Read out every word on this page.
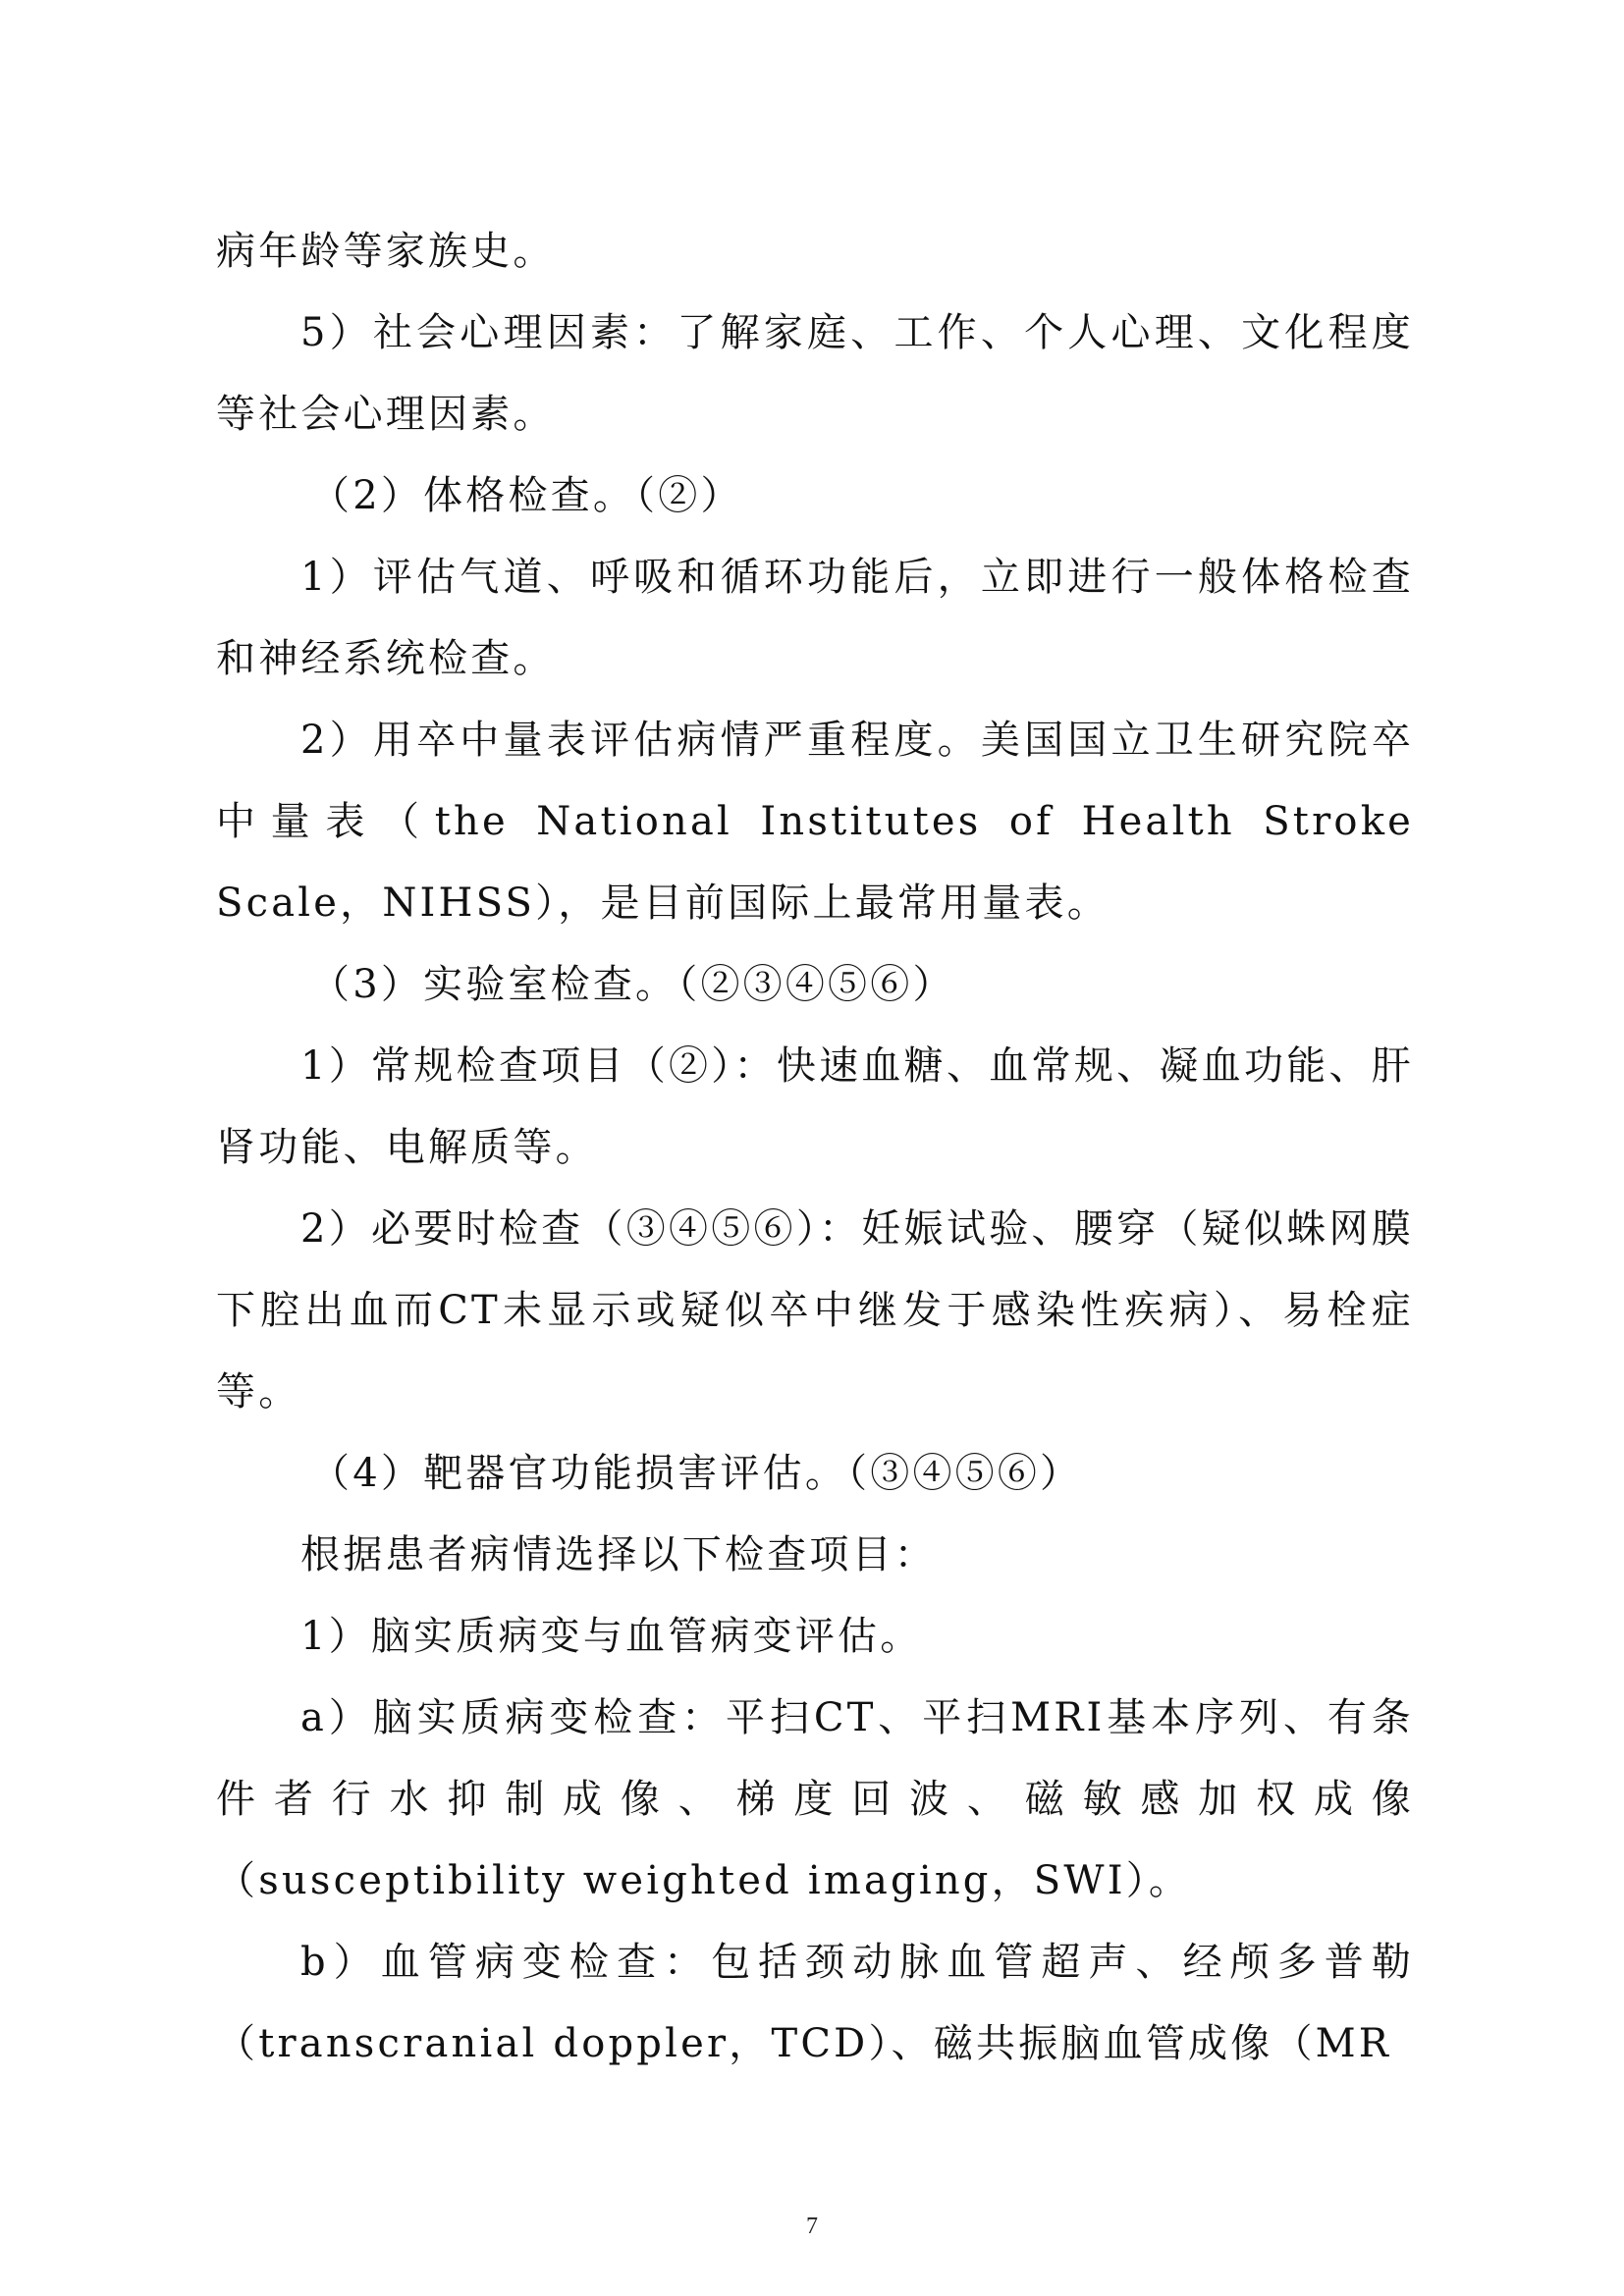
病年龄等家族史。

5）社会心理因素：了解家庭、工作、个人心理、文化程度等社会心理因素。

（2）体格检查。（②）

1）评估气道、呼吸和循环功能后，立即进行一般体格检查和神经系统检查。

2）用卒中量表评估病情严重程度。美国国立卫生研究院卒中量表（the National Institutes of Health Stroke Scale，NIHSS），是目前国际上最常用量表。

（3）实验室检查。（②③④⑤⑥）

1）常规检查项目（②）：快速血糖、血常规、凝血功能、肝肾功能、电解质等。

2）必要时检查（③④⑤⑥）：妊娠试验、腰穿（疑似蛛网膜下腔出血而CT未显示或疑似卒中继发于感染性疾病）、易栓症等。

（4）靶器官功能损害评估。（③④⑤⑥）

根据患者病情选择以下检查项目：

1）脑实质病变与血管病变评估。

a）脑实质病变检查：平扫CT、平扫MRI基本序列、有条件者行水抑制成像、梯度回波、磁敏感加权成像（susceptibility weighted imaging，SWI）。

b）血管病变检查：包括颈动脉血管超声、经颅多普勒（transcranial doppler，TCD）、磁共振脑血管成像（MR

7
